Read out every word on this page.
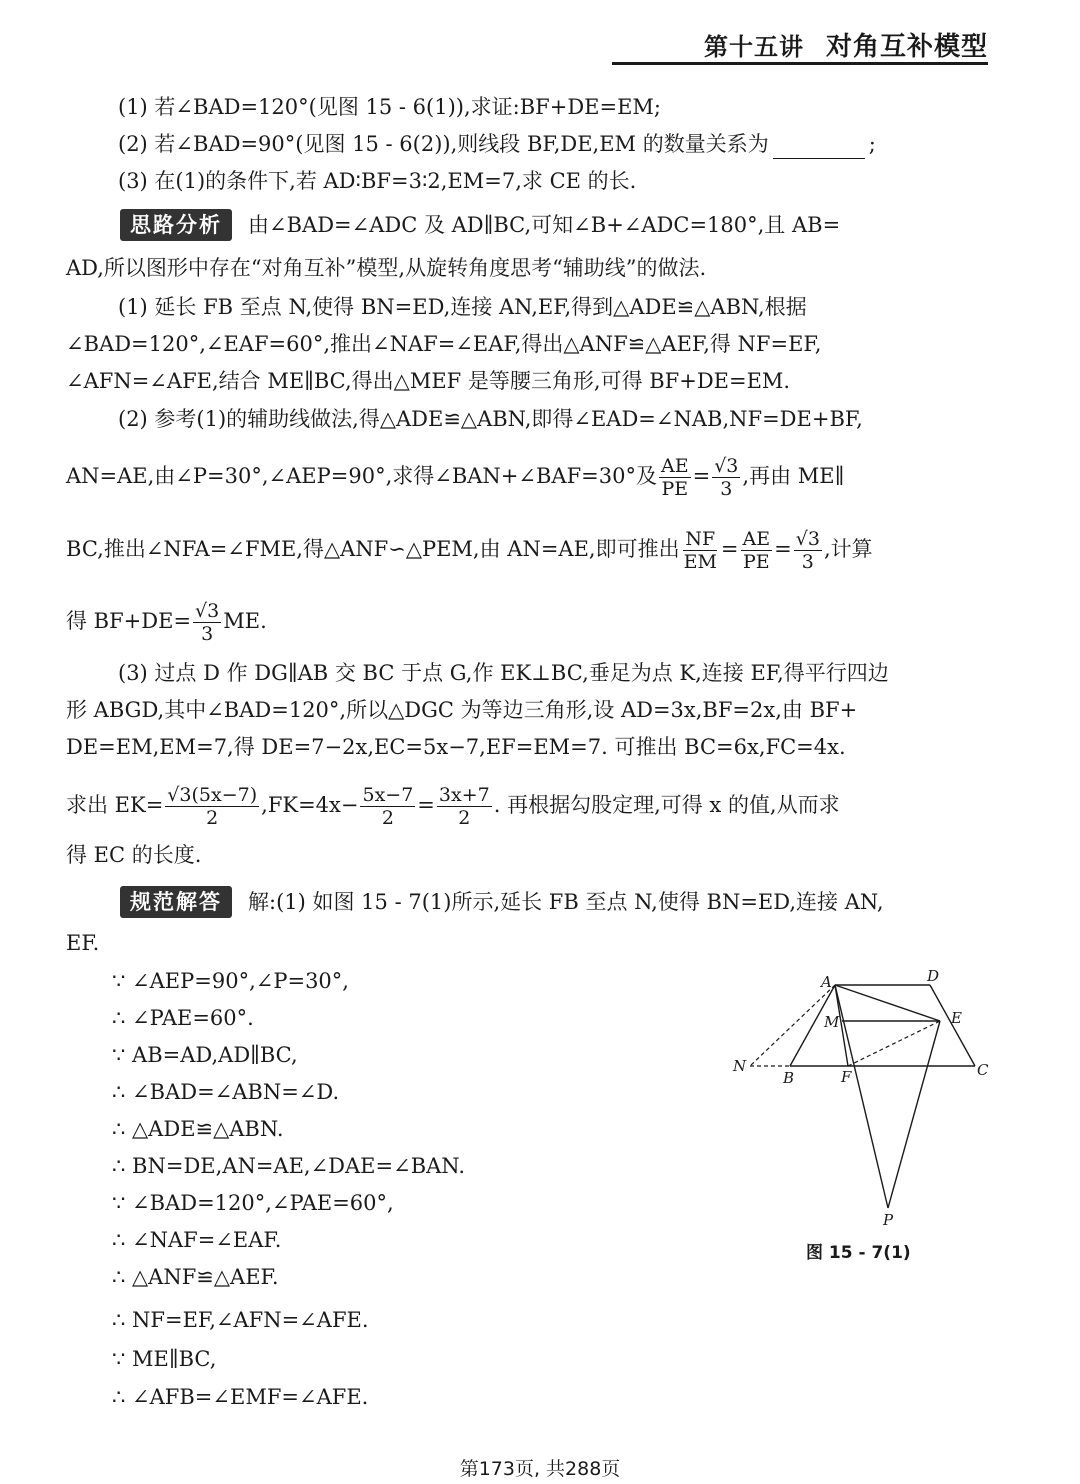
第十五讲 对角互补模型
(1) 若∠BAD=120°(见图 15 - 6(1)),求证:BF+DE=EM;
(2) 若∠BAD=90°(见图 15 - 6(2)),则线段 BF,DE,EM 的数量关系为	;
(3) 在(1)的条件下,若 AD∶BF=3∶2,EM=7,求 CE 的长.
思路分析 由∠BAD=∠ADC 及 AD∥BC,可知∠B+∠ADC=180°,且 AB=
AD,所以图形中存在“对角互补”模型,从旋转角度思考“辅助线”的做法.
(1) 延长 FB 至点 N,使得 BN=ED,连接 AN,EF,得到△ADE≌△ABN,根据
∠BAD=120°,∠EAF=60°,推出∠NAF=∠EAF,得出△ANF≌△AEF,得 NF=EF,
∠AFN=∠AFE,结合 ME∥BC,得出△MEF 是等腰三角形,可得 BF+DE=EM.
(2) 参考(1)的辅助线做法,得△ADE≌△ABN,即得∠EAD=∠NAB,NF=DE+BF,
AN=AE,由∠P=30°,∠AEP=90°,求得∠BAN+∠BAF=30°及 $\frac{AE}{PE} = \frac{√3}{3}$ ,再由 ME∥
BC,推出∠NFA=∠FME,得△ANF∽△PEM,由 AN=AE,即可推出 $\frac{NF}{EM} = \frac{AE}{PE} = \frac{√3}{3}$ ,计算
得 $BF+DE= \frac{√3}{3}$ ME.
(3) 过点 D 作 DG∥AB 交 BC 于点 G,作 EK⊥BC,垂足为点 K,连接 EF,得平行四边
形 ABGD,其中∠BAD=120°,所以△DGC 为等边三角形,设 AD=3x,BF=2x,由 BF+
DE=EM,EM=7,得 DE=7−2x,EC=5x−7,EF=EM=7. 可推出 BC=6x,FC=4x.
求出 $EK= \frac{√3(5x-7)}{2} ,FK=4x- \frac{5x-7}{2} = \frac{3x+7}{2}$ . 再根据勾股定理,可得 x 的值,从而求
得 EC 的长度.
规范解答 解:(1) 如图 15 - 7(1)所示,延长 FB 至点 N,使得 BN=ED,连接 AN,
EF.
∵ ∠AEP=90°,∠P=30°,
∴ ∠PAE=60°.
∵ AB=AD,AD∥BC,
∴ ∠BAD=∠ABN=∠D.
∴ △ADE≌△ABN.
∴ BN=DE,AN=AE,∠DAE=∠BAN.
∵ ∠BAD=120°,∠PAE=60°,
∴ ∠NAF=∠EAF.
∴ △ANF≌△AEF.
∴ NF=EF,∠AFN=∠AFE.
∵ ME∥BC,
∴ ∠AFB=∠EMF=∠AFE.
A	D
M	E
N
B	F	C
P
图 15 - 7(1)
第173页, 共288页
